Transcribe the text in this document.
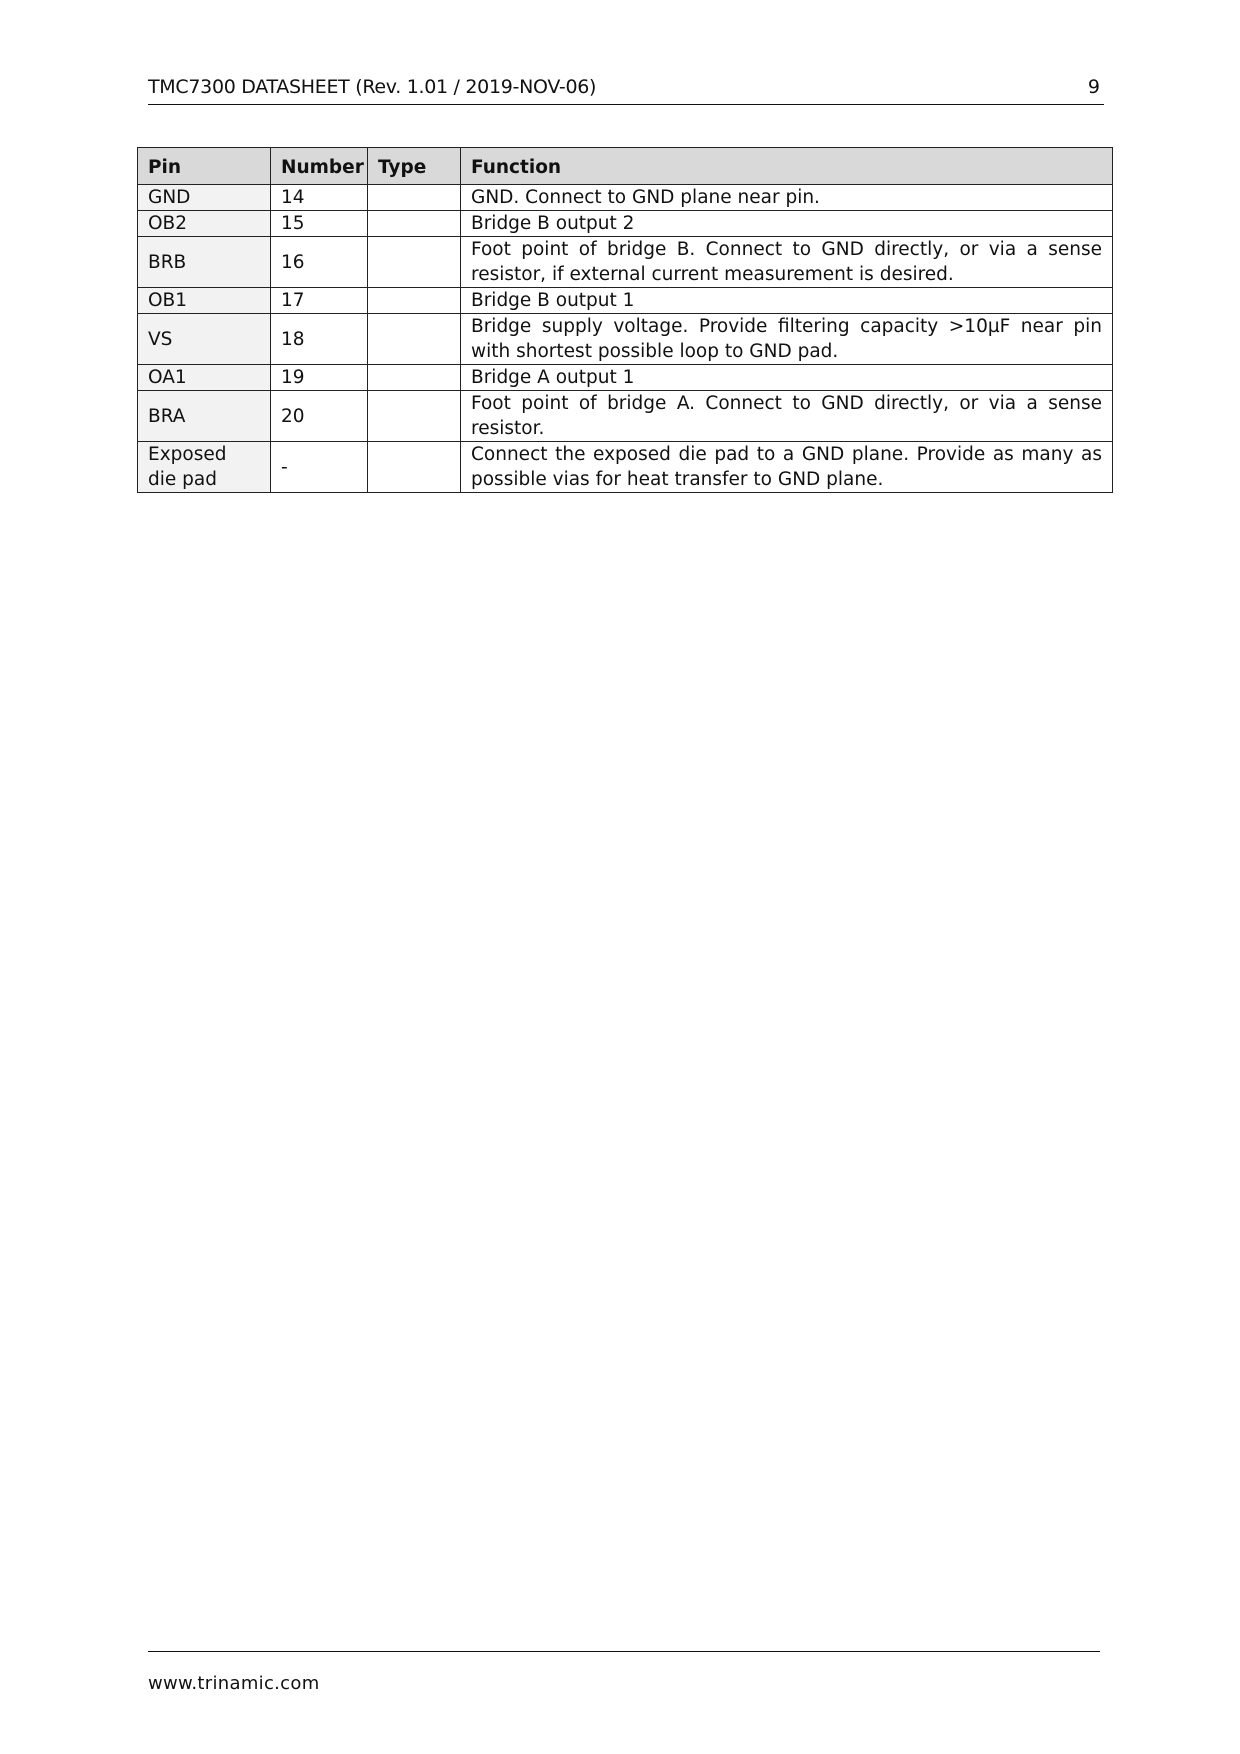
TMC7300 DATASHEET (Rev. 1.01 / 2019-NOV-06)	9
Pin	Number	Type	Function
GND	14		GND. Connect to GND plane near pin.
OB2	15		Bridge B output 2
BRB	16		Foot point of bridge B. Connect to GND directly, or via a sense resistor, if external current measurement is desired.
OB1	17		Bridge B output 1
VS	18		Bridge supply voltage. Provide filtering capacity >10µF near pin with shortest possible loop to GND pad.
OA1	19		Bridge A output 1
BRA	20		Foot point of bridge A. Connect to GND directly, or via a sense resistor.
Exposed die pad	-		Connect the exposed die pad to a GND plane. Provide as many as possible vias for heat transfer to GND plane.
www.trinamic.com
